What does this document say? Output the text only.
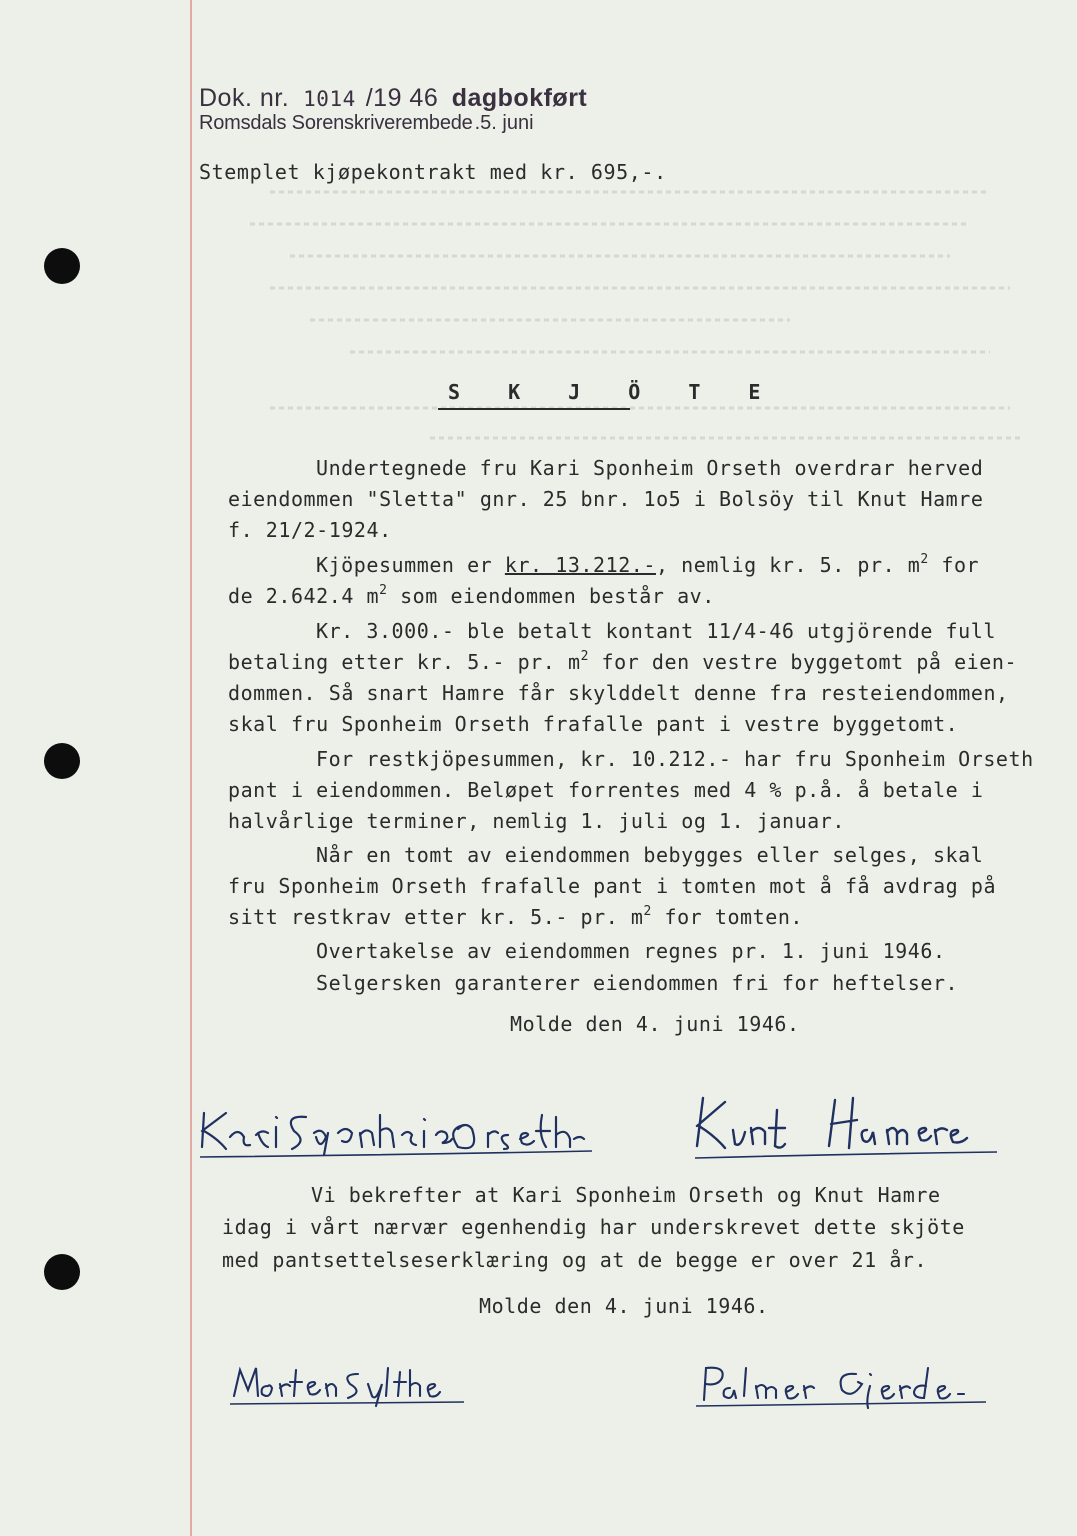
Dok. nr. 1014 /19 46 dagbokført
Romsdals Sorenskriverembede .5. juni
Stemplet kjøpekontrakt med kr. 695,-.
S K J Ö T E
Undertegnede fru Kari Sponheim Orseth overdrar herved
eiendommen "Sletta" gnr. 25 bnr. 1o5 i Bolsöy til Knut Hamre
f. 21/2-1924.
Kjöpesummen er kr. 13.212.-, nemlig kr. 5. pr. $m^2$ for
de 2.642.4 $m^2$ som eiendommen består av.
Kr. 3.000.- ble betalt kontant 11/4-46 utgjörende full
betaling etter kr. 5.- pr. $m^2$ for den vestre byggetomt på eien-
dommen. Så snart Hamre får skylddelt denne fra resteiendommen,
skal fru Sponheim Orseth frafalle pant i vestre byggetomt.
For restkjöpesummen, kr. 10.212.- har fru Sponheim Orseth
pant i eiendommen. Beløpet forrentes med 4 % p.å. å betale i
halvårlige terminer, nemlig 1. juli og 1. januar.
Når en tomt av eiendommen bebygges eller selges, skal
fru Sponheim Orseth frafalle pant i tomten mot å få avdrag på
sitt restkrav etter kr. 5.- pr. $m^2$ for tomten.
Overtakelse av eiendommen regnes pr. 1. juni 1946.
Selgersken garanterer eiendommen fri for heftelser.
Molde den 4. juni 1946.
Vi bekrefter at Kari Sponheim Orseth og Knut Hamre
idag i vårt nærvær egenhendig har underskrevet dette skjöte
med pantsettelseserklæring og at de begge er over 21 år.
Molde den 4. juni 1946.
